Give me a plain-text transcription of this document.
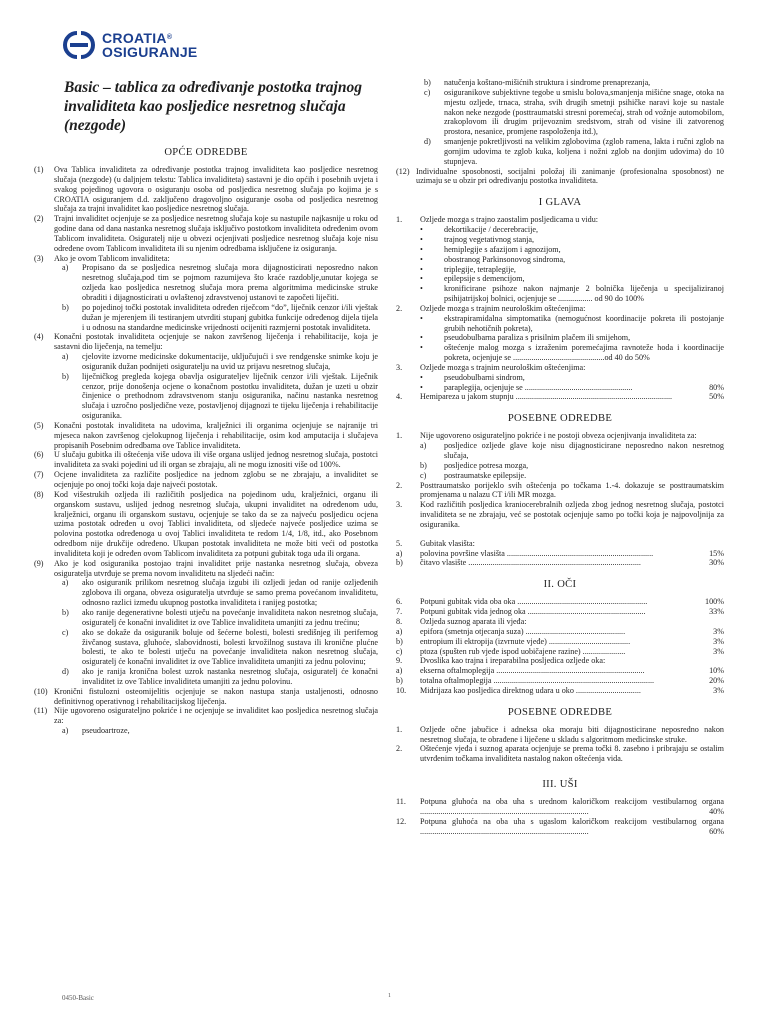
CROATIA®
OSIGURANJE
Basic – tablica za određivanje postotka trajnog invaliditeta kao posljedice nesretnog slučaja (nezgode)
OPĆE ODREDBE
(1)	Ova Tablica invaliditeta za određivanje postotka trajnog invaliditeta kao posljedice nesretnog slučaja (nezgode) (u daljnjem tekstu: Tablica invaliditeta) sastavni je dio općih i posebnih uvjeta i svakog pojedinog ugovora o osiguranju osoba od posljedica nesretnog slučaja po kojima je s CROATIA osiguranjem d.d. zaključeno dragovoljno osiguranje osoba od posljedica nesretnog slučaja za trajni invaliditet kao posljedice nesretnog slučaja.
(2)	Trajni invaliditet ocjenjuje se za posljedice nesretnog slučaja koje su nastupile najkasnije u roku od godine dana od dana nastanka nesretnog slučaja isključivo postotkom invaliditeta određenim ovom Tablicom invaliditeta. Osiguratelj nije u obvezi ocjenjivati posljedice nesretnog slučaja koje nisu određene ovom Tablicom invaliditeta ili su njenim odredbama isključene iz osiguranja.
(3)	Ako je ovom Tablicom invaliditeta:
a)	Propisano da se posljedica nesretnog slučaja mora dijagnosticirati neposredno nakon nesretnog slučaja,pod tim se pojmom razumijeva što kraće razdoblje,unutar kojega se ozljeda kao posljedica nesretnog slučaja mora prema algoritmima medicinske struke obraditi i dijagnosticirati u ovlaštenoj zdravstvenoj ustanovi te započeti liječiti.
b)	po pojedinoj točki postotak invaliditeta određen riječcom “do”, liječnik cenzor i/ili vještak dužan je mjerenjem ili testiranjem utvrditi stupanj gubitka funkcije određenog dijela tijela i u odnosu na standardne medicinske vrijednosti ocijeniti razmjerni postotak invaliditeta.
(4)	Konačni postotak invaliditeta ocjenjuje se nakon završenog liječenja i rehabilitacije, koja je sastavni dio liječenja, na temelju:
a)	cjelovite izvorne medicinske dokumentacije, uključujući i sve rendgenske snimke koju je osiguranik dužan podnijeti osiguratelju na uvid uz prijavu nesretnog slučaja,
b)	liječničkog pregleda kojega obavlja osigurateljev liječnik cenzor i/ili vještak. Liječnik cenzor, prije donošenja ocjene o konačnom postotku invaliditeta, dužan je uzeti u obzir činjenice o prethodnom zdravstvenom stanju osiguranika, načinu nastanka nesretnog slučaja i uzročno posljedične veze, postavljenoj dijagnozi te tijeku liječenja i rehabilitacije osiguranika.
(5)	Konačni postotak invaliditeta na udovima, kralježnici ili organima ocjenjuje se najranije tri mjeseca nakon završenog cjelokupnog liječenja i rehabilitacije, osim kod amputacija i slučajeva propisanih Posebnim odredbama ove Tablice invaliditeta.
(6)	U slučaju gubitka ili oštećenja više udova ili više organa uslijed jednog nesretnog slučaja, postotci invaliditeta za svaki pojedini ud ili organ se zbrajaju, ali ne mogu iznositi više od 100%.
(7)	Ocjene invaliditeta za različite posljedice na jednom zglobu se ne zbrajaju, a invaliditet se ocjenjuje po onoj točki koja daje najveći postotak.
(8)	Kod višestrukih ozljeda ili različitih posljedica na pojedinom udu, kralježnici, organu ili organskom sustavu, uslijed jednog nesretnog slučaja, ukupni invaliditet na određenom udu, kralježnici, organu ili organskom sustavu, ocjenjuje se tako da se za najveću posljedicu ocjena uzima postotak određen u ovoj Tablici invaliditeta, od sljedeće najveće posljedice uzima se polovina postotka određenoga u ovoj Tablici invaliditeta te redom 1/4, 1/8, itd., ako Posebnom odredbom nije drukčije određeno. Ukupan postotak invaliditeta ne može biti veći od postotka invaliditeta koji je određen ovom Tablicom invaliditeta za potpuni gubitak toga uda ili organa.
(9)	Ako je kod osiguranika postojao trajni invaliditet prije nastanka nesretnog slučaja, obveza osiguratelja utvrđuje se prema novom invaliditetu na sljedeći način:
a)	ako osiguranik prilikom nesretnog slučaja izgubi ili ozljedi jedan od ranije ozljeđenih zglobova ili organa, obveza osiguratelja utvrđuje se samo prema povećanom invaliditetu, odnosno razlici između ukupnog postotka invaliditeta i ranijeg postotka;
b)	ako ranije degenerativne bolesti utječu na povećanje invaliditeta nakon nesretnog slučaja, osiguratelj će konačni invaliditet iz ove Tablice invaliditeta umanjiti za jednu trećinu;
c)	ako se dokaže da osiguranik boluje od šećerne bolesti, bolesti središnjeg ili perifernog živčanog sustava, gluhoće, slabovidnosti, bolesti krvožilnog sustava ili kronične plućne bolesti, te ako te bolesti utječu na povećanje invaliditeta nakon nesretnog slučaja, osiguratelj će konačni invaliditet iz ove Tablice invaliditeta umanjiti za jednu polovinu;
d)	ako je ranija kronična bolest uzrok nastanka nesretnog slučaja, osiguratelj će konačni invaliditet iz ove Tablice invaliditeta umanjiti za jednu polovinu.
(10) Kronični fistulozni osteomijelitis ocjenjuje se nakon nastupa stanja ustaljenosti, odnosno definitivnog operativnog i rehabilitacijskog liječenja.
(11) Nije ugovoreno osigurateljno pokriće i ne ocjenjuje se invaliditet kao posljedica nesretnog slučaja za:
a)	pseudoartroze,
b)	natučenja koštano-mišićnih struktura i sindrome prenaprezanja,
c)	osiguranikove subjektivne tegobe u smislu bolova,smanjenja mišićne snage, otoka na mjestu ozljede, trnaca, straha, svih drugih smetnji psihičke naravi koje su nastale nakon neke nezgode (posttraumatski stresni poremećaj, strah od vožnje automobilom, zrakoplovom ili drugim prijevoznim sredstvom, strah od visine ili zatvorenog prostora, nesanice, promjene raspoloženja itd.),
d)	smanjenje pokretljivosti na velikim zglobovima (zglob ramena, lakta i ručni zglob na gornjim udovima te zglob kuka, koljena i nožni zglob na donjim udovima) do 10 stupnjeva.
(12) Individualne sposobnosti, socijalni položaj ili zanimanje (profesionalna sposobnost) ne uzimaju se u obzir pri određivanju postotka invaliditeta.
I GLAVA
1.	Ozljede mozga s trajno zaostalim posljedicama u vidu:
•	dekortikacije / decerebracije,
•	trajnog vegetativnog stanja,
•	hemiplegije s afazijom i agnozijom,
•	obostranog Parkinsonovog sindroma,
•	triplegije, tetraplegije,
•	epilepsije s demencijom,
•	kronificirane psihoze nakon najmanje 2 bolnička liječenja u specijaliziranoj psihijatrijskoj bolnici, ocjenjuje se ................. od 90 do 100%
2.	Ozljede mozga s trajnim neurološkim oštećenjima:
•	ekstrapiramidalna simptomatika (nemogućnost koordinacije pokreta ili postojanje grubih nehotičnih pokreta),
•	pseudobulbarna paraliza s prisilnim plačem ili smijehom,
•	oštećenje malog mozga s izraženim poremećajima ravnoteže hoda i koordinacije pokreta, ocjenjuje se .............................................od 40 do 50%
3.	Ozljede mozga s trajnim neurološkim oštećenjima:
•	pseudobulbarni sindrom,
•	paraplegija, ocjenjuje se .....................................................	80%
4.	Hemipareza u jakom stupnju .............................................................................	50%
POSEBNE ODREDBE
1.	Nije ugovoreno osigurateljno pokriće i ne postoji obveza ocjenjivanja invaliditeta za:
a)	posljedice ozljede glave koje nisu dijagnosticirane neposredno nakon nesretnog slučaja,
b)	posljedice potresa mozga,
c)	postraumatske epilepsije.
2.	Posttraumatsko porijeklo svih oštećenja po točkama 1.-4. dokazuje se posttraumatskim promjenama u nalazu CT i/ili MR mozga.
3.	Kod različitih posljedica kraniocerebralnih ozljeda zbog jednog nesretnog slučaja, postotci invaliditeta se ne zbrajaju, već se postotak ocjenjuje samo po točki koja je najpovoljnija za osiguranika.
5.	Gubitak vlasišta:
a)	polovina površine vlasišta ........................................................................	15%
b)	čitavo vlasište .....................................................................................	30%
II. OČI
6.	Potpuni gubitak vida oba oka ................................................................	100%
7.	Potpuni gubitak vida jednog oka ..........................................................	33%
8.	Ozljeda suznog aparata ili vjeđa:
a)	epifora (smetnja otjecanja suza) .................................................	3%
b)	entropium ili ektropija (izvrnute vjeđe) ........................................	3%
c)	ptoza (spušten rub vjeđe ispod uobičajene razine) .....................	3%
9.	Dvoslika kao trajna i ireparabilna posljedica ozljede oka:
a)	ekserna oftalmoplegija .........................................................................	10%
b)	totalna oftalmoplegija ...............................................................................	20%
10.	Midrijaza kao posljedica direktnog udara u oko ................................	3%
POSEBNE ODREDBE
1.	Ozljede očne jabučice i adneksa oka moraju biti dijagnosticirane neposredno nakon nesretnog slučaja, te obrađene i liječene u skladu s algoritmom medicinske struke.
2.	Oštećenje vjeđa i suznog aparata ocjenjuje se prema točki 8. zasebno i pribrajaju se ostalim utvrđenim točkama invaliditeta nastalog nakon oštećenja vida.
III. UŠI
11.	Potpuna gluhoća na oba uha s urednom kaloričkom reakcijom vestibularnog organa ...................................................................................	40%
12.	Potpuna gluhoća na oba uha s ugaslom kaloričkom reakcijom vestibularnog organa ...................................................................................	60%
0450-Basic	1
